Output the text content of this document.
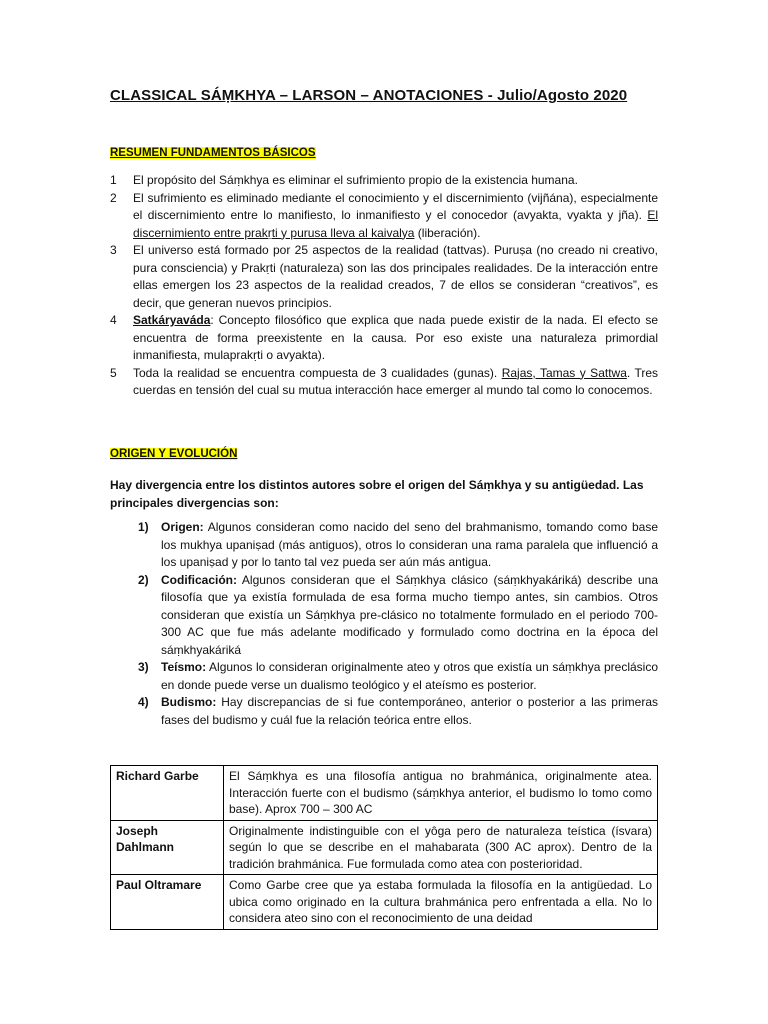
CLASSICAL SÁṂKHYA – LARSON – ANOTACIONES - Julio/Agosto 2020
RESUMEN FUNDAMENTOS BÁSICOS
1 El propósito del Sáṃkhya es eliminar el sufrimiento propio de la existencia humana.
2 El sufrimiento es eliminado mediante el conocimiento y el discernimiento (vijñána), especialmente el discernimiento entre lo manifiesto, lo inmanifiesto y el conocedor (avyakta, vyakta y jña). El discernimiento entre prakṛti y purusa lleva al kaivalya (liberación).
3 El universo está formado por 25 aspectos de la realidad (tattvas). Puruṣa (no creado ni creativo, pura consciencia) y Prakṛti (naturaleza) son las dos principales realidades. De la interacción entre ellas emergen los 23 aspectos de la realidad creados, 7 de ellos se consideran “creativos”, es decir, que generan nuevos principios.
4 Satkáryaváda: Concepto filosófico que explica que nada puede existir de la nada. El efecto se encuentra de forma preexistente en la causa. Por eso existe una naturaleza primordial inmanifiesta, mulaprakṛti o avyakta).
5 Toda la realidad se encuentra compuesta de 3 cualidades (gunas). Rajas, Tamas y Sattwa. Tres cuerdas en tensión del cual su mutua interacción hace emerger al mundo tal como lo conocemos.
ORIGEN Y EVOLUCIÓN

Hay divergencia entre los distintos autores sobre el origen del Sáṃkhya y su antigüedad. Las principales divergencias son:

1) Origen: Algunos consideran como nacido del seno del brahmanismo, tomando como base los mukhya upaniṣad (más antiguos), otros lo consideran una rama paralela que influenció a los upaniṣad y por lo tanto tal vez pueda ser aún más antigua.
2) Codificación: Algunos consideran que el Sáṃkhya clásico (sáṃkhyakáriká) describe una filosofía que ya existía formulada de esa forma mucho tiempo antes, sin cambios. Otros consideran que existía un Sáṃkhya pre-clásico no totalmente formulado en el periodo 700-300 AC que fue más adelante modificado y formulado como doctrina en la época del sáṃkhyakáriká
3) Teísmo: Algunos lo consideran originalmente ateo y otros que existía un sáṃkhya preclásico en donde puede verse un dualismo teológico y el ateísmo es posterior.
4) Budismo: Hay discrepancias de si fue contemporáneo, anterior o posterior a las primeras fases del budismo y cuál fue la relación teórica entre ellos.
Richard Garbe	El Sáṃkhya es una filosofía antigua no brahmánica, originalmente atea. Interacción fuerte con el budismo (sáṃkhya anterior, el budismo lo tomo como base). Aprox 700 – 300 AC
Joseph Dahlmann	Originalmente indistinguible con el yôga pero de naturaleza teística (ísvara) según lo que se describe en el mahabarata (300 AC aprox). Dentro de la tradición brahmánica. Fue formulada como atea con posterioridad.
Paul Oltramare	Como Garbe cree que ya estaba formulada la filosofía en la antigüedad. Lo ubica como originado en la cultura brahmánica pero enfrentada a ella. No lo considera ateo sino con el reconocimiento de una deidad
